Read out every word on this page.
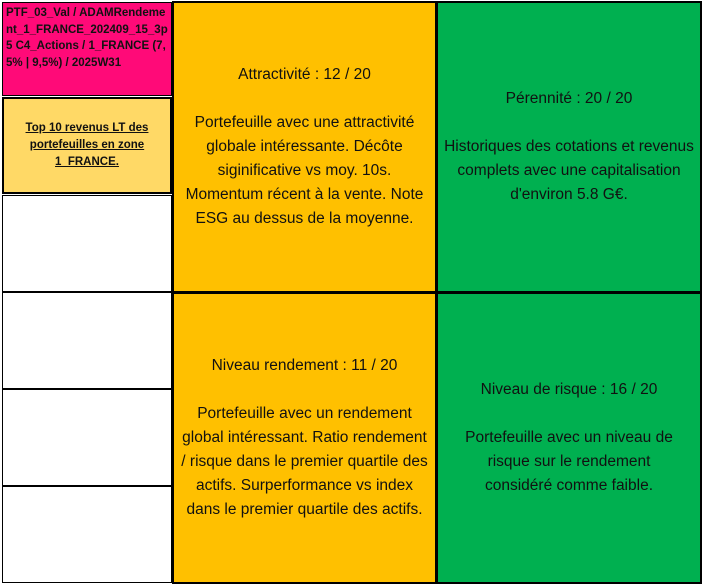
PTF_03_Val / ADAMRendement_1_FRANCE_202409_15_3p5 C4_Actions / 1_FRANCE (7,5% | 9,5%) / 2025W31
Top 10 revenus LT des portefeuilles en zone 1_FRANCE.
Attractivité : 12 / 20
Portefeuille avec une attractivité globale intéressante. Décôte siginificative vs moy. 10s. Momentum récent à la vente. Note ESG au dessus de la moyenne.
Pérennité : 20 / 20
Historiques des cotations et revenus complets avec une capitalisation d'environ 5.8 G€.
Niveau rendement : 11 / 20
Portefeuille avec un rendement global intéressant. Ratio rendement / risque dans le premier quartile des actifs. Surperformance vs index dans le premier quartile des actifs.
Niveau de risque : 16 / 20
Portefeuille avec un niveau de risque sur le rendement considéré comme faible.
